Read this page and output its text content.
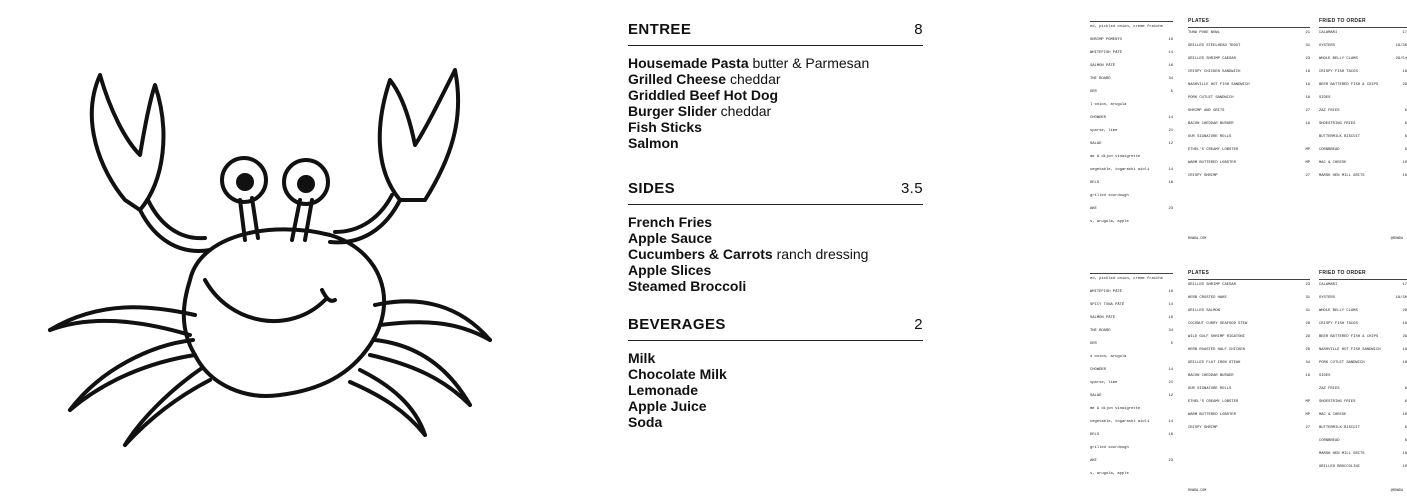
ENTREE	8
Housemade Pasta butter & Parmesan
Grilled Cheese cheddar
Griddled Beef Hot Dog
Burger Slider cheddar
Fish Sticks
Salmon
SIDES	3.5
French Fries
Apple Sauce
Cucumbers & Carrots ranch dressing
Apple Slices
Steamed Broccoli
BEVERAGES	2
Milk
Chocolate Milk
Lemonade
Apple Juice
Soda
ed, pickled onion, crème fraîche
SHRIMP POMENTO	16
WHITEFISH PÂTÉ	14
SALMON PÂTÉ	16
THE BOARD	34
DER	5
l onion, arugula
CHOWDER	14
sparse, lime	21
SALAD	12
me & dijon vinaigrette
vegetable, togarashi aioli	14
DELS	16
grilled sourdough
AKE	23
s, arugula, apple
PLATES
TUNA POKE BOWL	21
GRILLED STEELHEAD TROUT	31
GRILLED SHRIMP CAESAR	23
CRISPY CHICKEN SANDWICH	18
NASHVILLE HOT FISH SANDWICH	19
PORK CUTLET SANDWICH	18
SHRIMP AND GRITS	27
BACON CHEDDAR BURGER	19
OUR SIGNATURE ROLLS
ETHEL'S CREAMY LOBSTER	MP
WARM BUTTERED LOBSTER	MP
CRISPY SHRIMP	27
FRIED TO ORDER
CALAMARI	17
OYSTERS	18/36
WHOLE BELLY CLAMS	29/54
CRISPY FISH TACOS	18
BEER BATTERED FISH & CHIPS	29
SIDES
ZAZ FRIES	6
SHOESTRING FRIES	6
BUTTERMILK BISCUIT	6
CORNBREAD	6
MAC & CHEESE	10
MARSH HEN MILL GRITS	10
ROWDA.COM	@ROWDA
ed, pickled onion, crème fraîche
WHITEFISH PÂTÉ	16
SPICY TUNA PÂTÉ	14
SALMON PÂTÉ	16
THE BOARD	34
DER	5
d onion, arugula
CHOWDER	14
sparse, lime	21
SALAD	12
me & dijon vinaigrette
vegetable, togarashi aioli	14
DELS	16
grilled sourdough
AKE	23
s, arugula, apple
PLATES
GRILLED SHRIMP CAESAR	23
HERB CRUSTED HAKE	31
GRILLED SALMON	31
COCONUT CURRY SEAFOOD STEW	28
WILD GULF SHRIMP RIGATONI	29
HERB ROASTED HALF CHICKEN	28
GRILLED FLAT IRON STEAK	34
BACON CHEDDAR BURGER	19
OUR SIGNATURE ROLLS
ETHEL'S CREAMY LOBSTER	MP
WARM BUTTERED LOBSTER	MP
CRISPY SHRIMP	27
FRIED TO ORDER
CALAMARI	17
OYSTERS	18/36
WHOLE BELLY CLAMS	29
CRISPY FISH TACOS	18
BEER BATTERED FISH & CHIPS	29
NASHVILLE HOT FISH SANDWICH	19
PORK CUTLET SANDWICH	18
SIDES
ZAZ FRIES	6
SHOESTRING FRIES	6
MAC & CHEESE	10
BUTTERMILK BISCUIT	6
CORNBREAD	6
MARSH HEN MILL GRITS	10
GRILLED BROCCOLINI	10
ROWDA.COM	@ROWDA
